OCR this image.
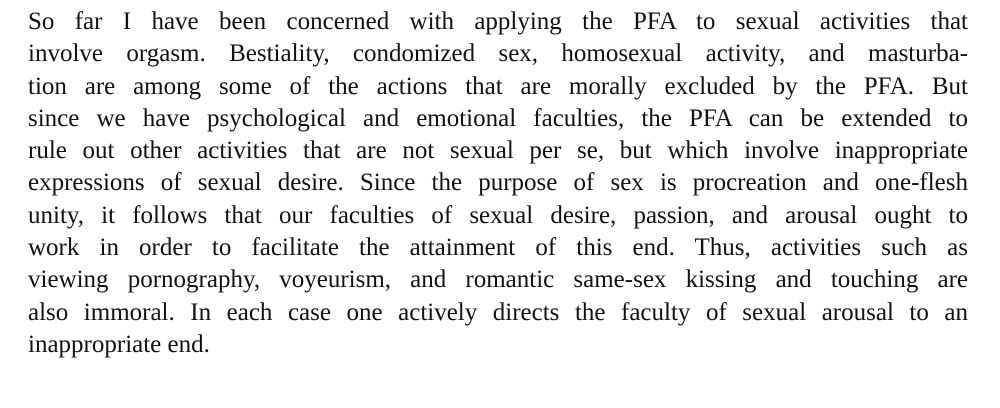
So far I have been concerned with applying the PFA to sexual activities that
involve orgasm. Bestiality, condomized sex, homosexual activity, and masturba-
tion are among some of the actions that are morally excluded by the PFA. But
since we have psychological and emotional faculties, the PFA can be extended to
rule out other activities that are not sexual per se, but which involve inappropriate
expressions of sexual desire. Since the purpose of sex is procreation and one-flesh
unity, it follows that our faculties of sexual desire, passion, and arousal ought to
work in order to facilitate the attainment of this end. Thus, activities such as
viewing pornography, voyeurism, and romantic same-sex kissing and touching are
also immoral. In each case one actively directs the faculty of sexual arousal to an
inappropriate end.
